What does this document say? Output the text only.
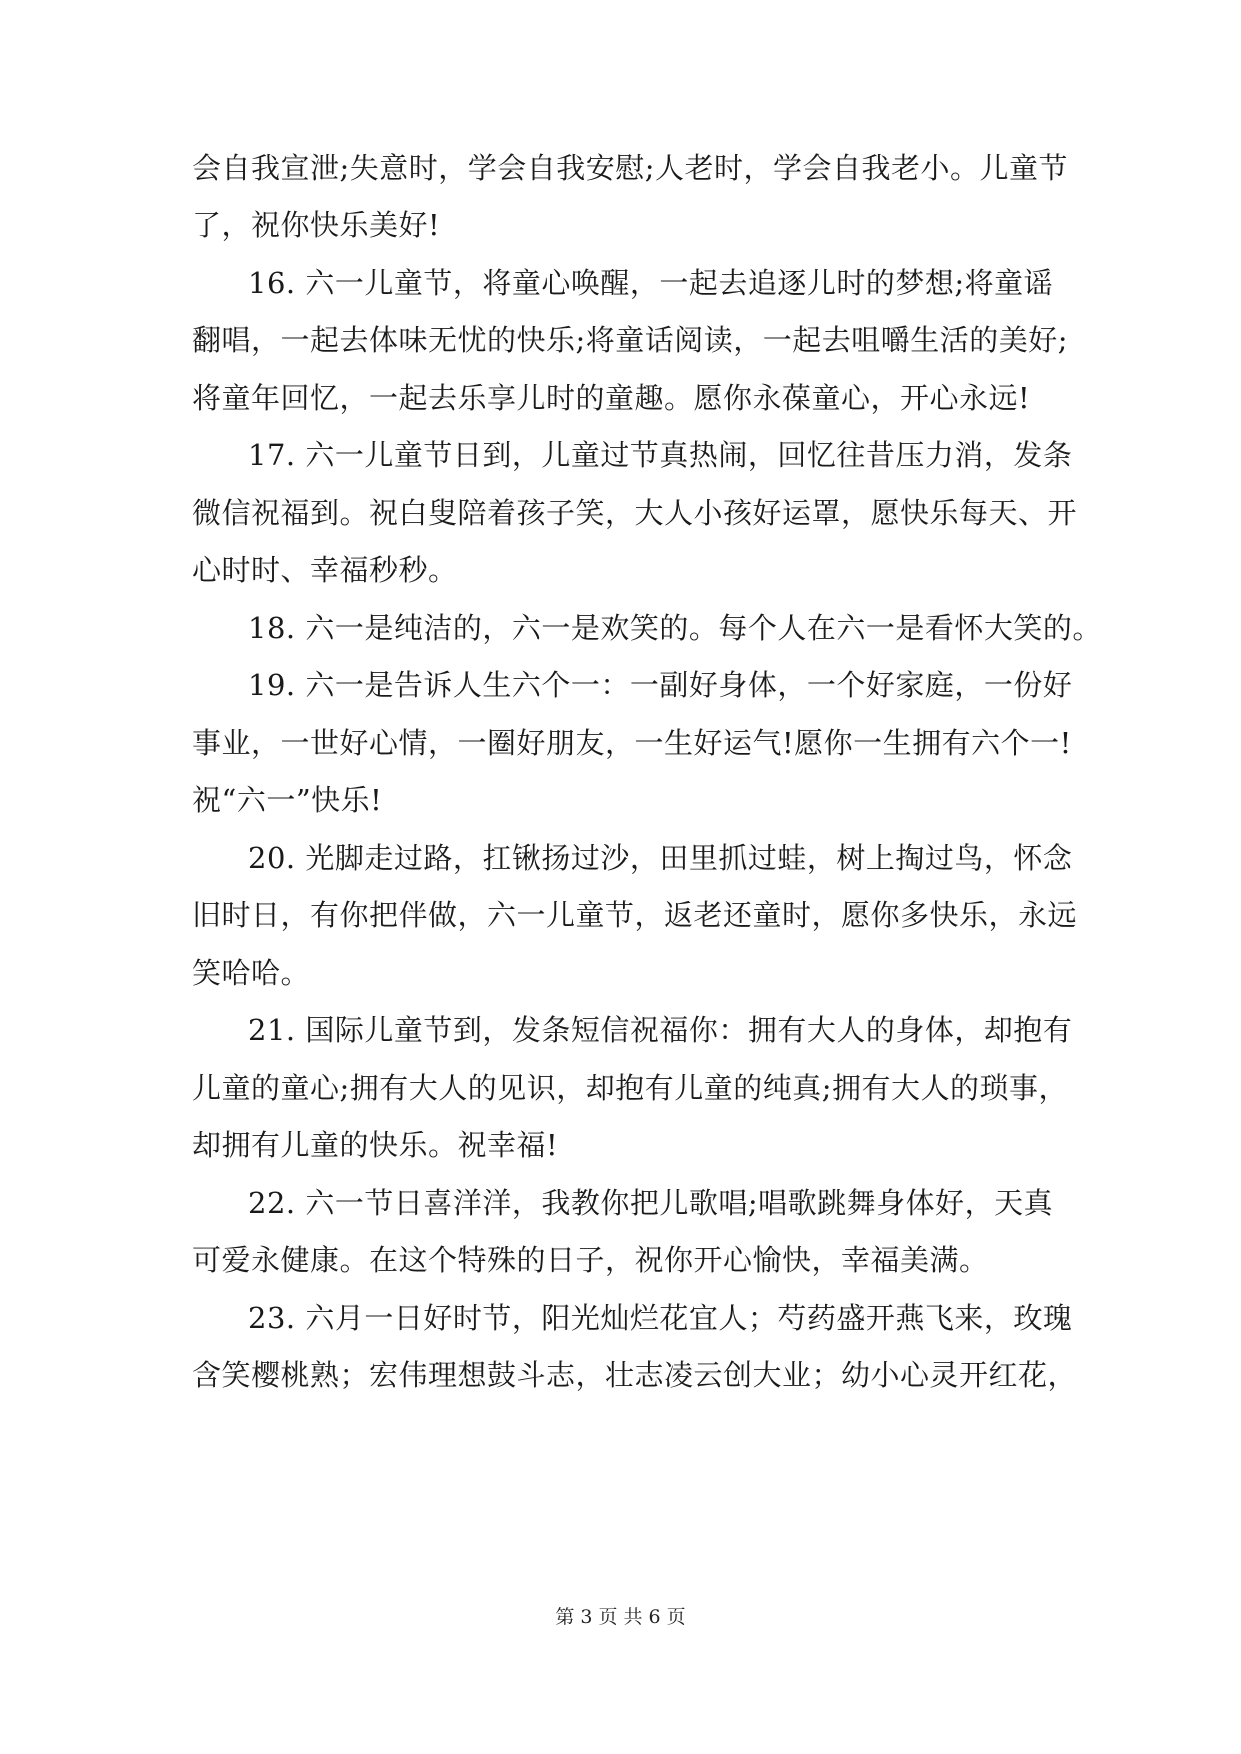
会自我宣泄;失意时，学会自我安慰;人老时，学会自我老小。儿童节
了，祝你快乐美好!
16. 六一儿童节，将童心唤醒，一起去追逐儿时的梦想;将童谣
翻唱，一起去体味无忧的快乐;将童话阅读，一起去咀嚼生活的美好;
将童年回忆，一起去乐享儿时的童趣。愿你永葆童心，开心永远!
17. 六一儿童节日到，儿童过节真热闹，回忆往昔压力消，发条
微信祝福到。祝白叟陪着孩子笑，大人小孩好运罩，愿快乐每天、开
心时时、幸福秒秒。
18. 六一是纯洁的，六一是欢笑的。每个人在六一是看怀大笑的。
19. 六一是告诉人生六个一：一副好身体，一个好家庭，一份好
事业，一世好心情，一圈好朋友，一生好运气!愿你一生拥有六个一!
祝“六一”快乐!
20. 光脚走过路，扛锹扬过沙，田里抓过蛙，树上掏过鸟，怀念
旧时日，有你把伴做，六一儿童节，返老还童时，愿你多快乐，永远
笑哈哈。
21. 国际儿童节到，发条短信祝福你：拥有大人的身体，却抱有
儿童的童心;拥有大人的见识，却抱有儿童的纯真;拥有大人的琐事，
却拥有儿童的快乐。祝幸福!
22. 六一节日喜洋洋，我教你把儿歌唱;唱歌跳舞身体好，天真
可爱永健康。在这个特殊的日子，祝你开心愉快，幸福美满。
23. 六月一日好时节，阳光灿烂花宜人；芍药盛开燕飞来，玫瑰
含笑樱桃熟；宏伟理想鼓斗志，壮志凌云创大业；幼小心灵开红花，
第 3 页 共 6 页
